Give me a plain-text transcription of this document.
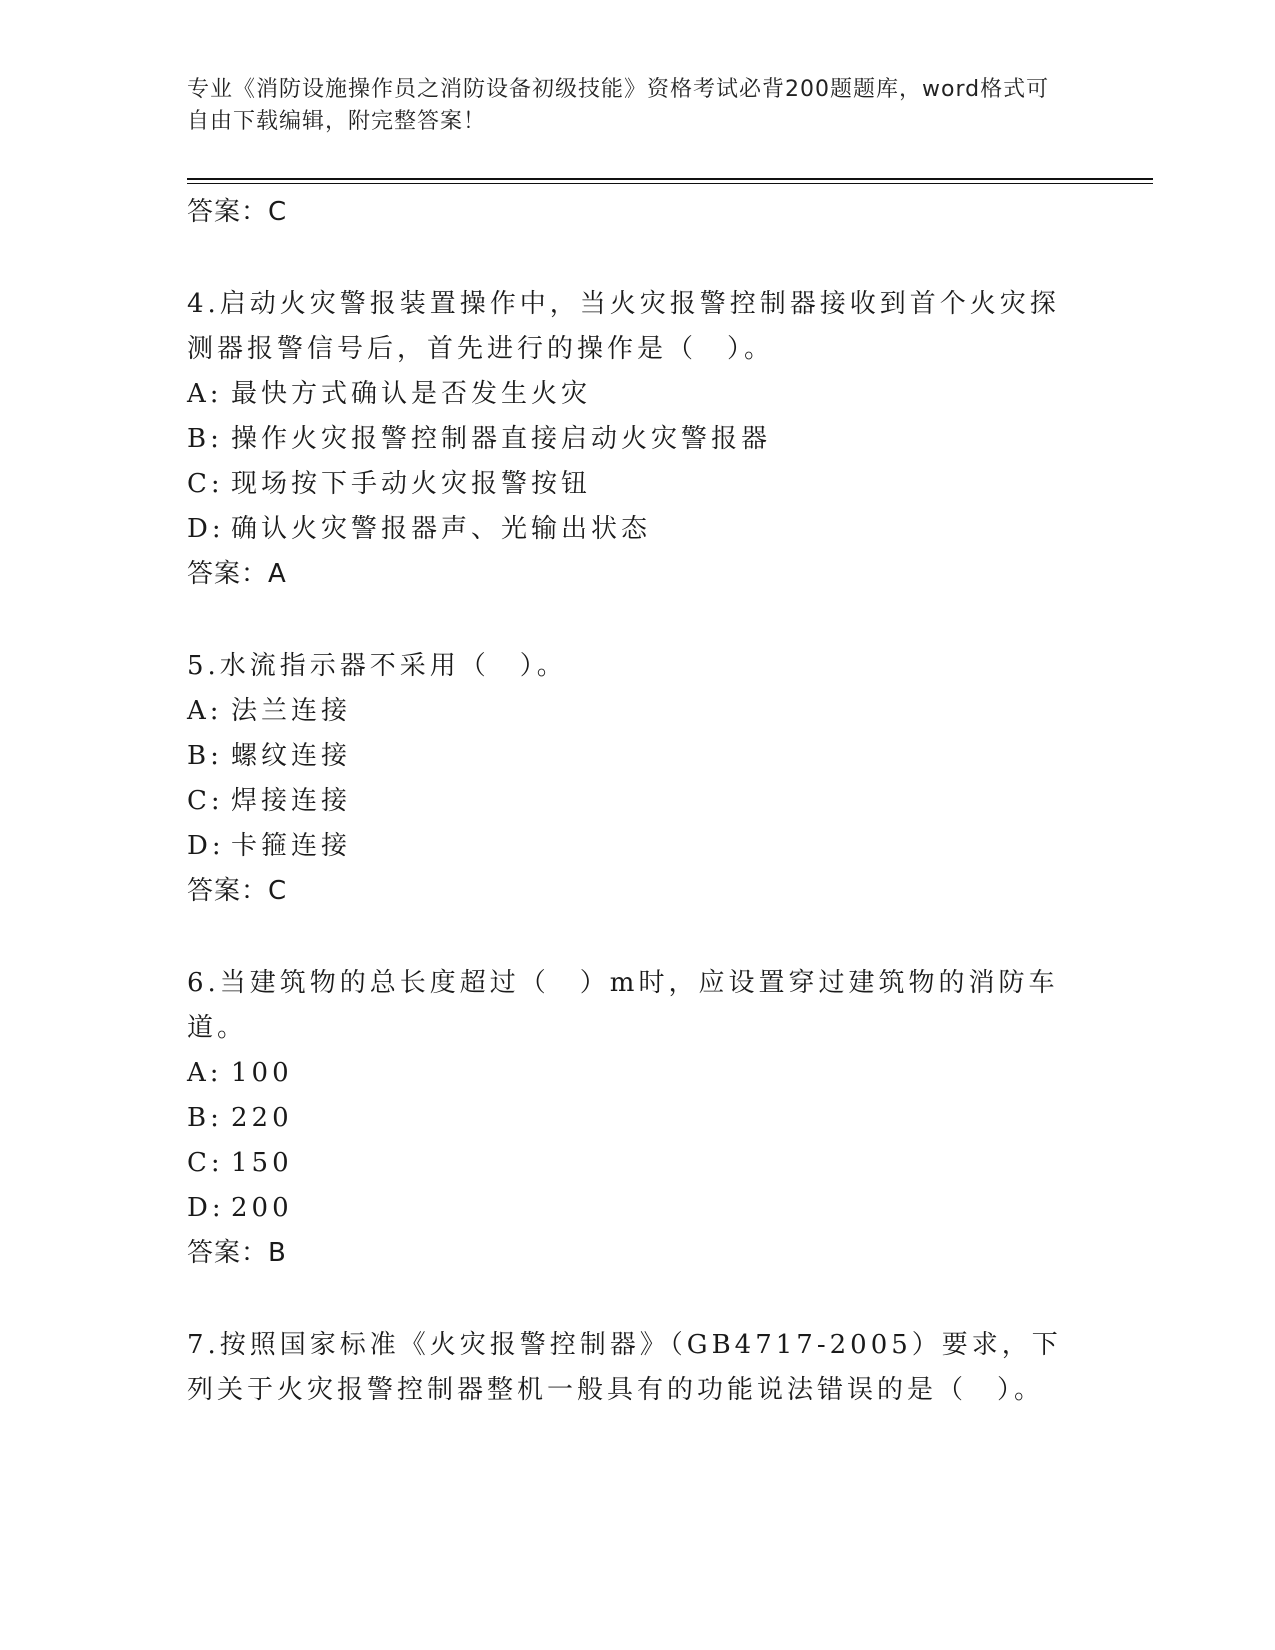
专业《消防设施操作员之消防设备初级技能》资格考试必背200题题库，word格式可自由下载编辑，附完整答案！
答案：C
4.启动火灾警报装置操作中，当火灾报警控制器接收到首个火灾探测器报警信号后，首先进行的操作是（　）。
A: 最快方式确认是否发生火灾
B: 操作火灾报警控制器直接启动火灾警报器
C: 现场按下手动火灾报警按钮
D: 确认火灾警报器声、光输出状态
答案：A
5.水流指示器不采用（　）。
A: 法兰连接
B: 螺纹连接
C: 焊接连接
D: 卡箍连接
答案：C
6.当建筑物的总长度超过（　）m时，应设置穿过建筑物的消防车道。
A: 100
B: 220
C: 150
D: 200
答案：B
7.按照国家标准《火灾报警控制器》（GB4717-2005）要求，下列关于火灾报警控制器整机一般具有的功能说法错误的是（　）。
